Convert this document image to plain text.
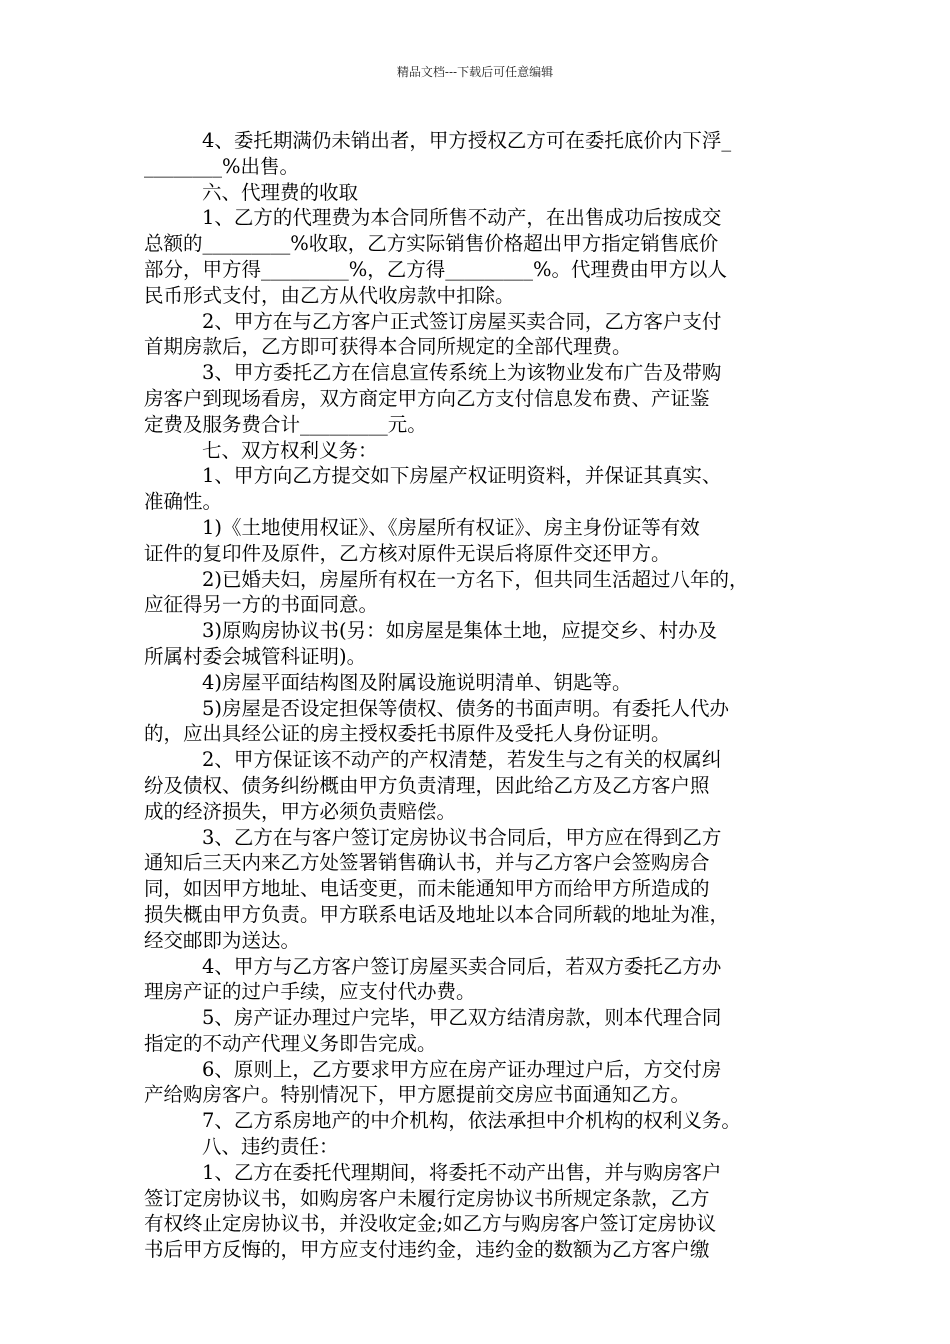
精品文档---下载后可任意编辑
4、委托期满仍未销出者，甲方授权乙方可在委托底价内下浮_
________%出售。
六、代理费的收取
1、乙方的代理费为本合同所售不动产，在出售成功后按成交
总额的_________%收取，乙方实际销售价格超出甲方指定销售底价
部分，甲方得_________%，乙方得_________%。代理费由甲方以人
民币形式支付，由乙方从代收房款中扣除。
2、甲方在与乙方客户正式签订房屋买卖合同，乙方客户支付
首期房款后，乙方即可获得本合同所规定的全部代理费。
3、甲方委托乙方在信息宣传系统上为该物业发布广告及带购
房客户到现场看房，双方商定甲方向乙方支付信息发布费、产证鉴
定费及服务费合计_________元。
七、双方权利义务：
1、甲方向乙方提交如下房屋产权证明资料，并保证其真实、
准确性。
1)《土地使用权证》、《房屋所有权证》、房主身份证等有效
证件的复印件及原件，乙方核对原件无误后将原件交还甲方。
2)已婚夫妇，房屋所有权在一方名下，但共同生活超过八年的，
应征得另一方的书面同意。
3)原购房协议书(另：如房屋是集体土地，应提交乡、村办及
所属村委会城管科证明)。
4)房屋平面结构图及附属设施说明清单、钥匙等。
5)房屋是否设定担保等债权、债务的书面声明。有委托人代办
的，应出具经公证的房主授权委托书原件及受托人身份证明。
2、甲方保证该不动产的产权清楚，若发生与之有关的权属纠
纷及债权、债务纠纷概由甲方负责清理，因此给乙方及乙方客户照
成的经济损失，甲方必须负责赔偿。
3、乙方在与客户签订定房协议书合同后，甲方应在得到乙方
通知后三天内来乙方处签署销售确认书，并与乙方客户会签购房合
同，如因甲方地址、电话变更，而未能通知甲方而给甲方所造成的
损失概由甲方负责。甲方联系电话及地址以本合同所载的地址为准，
经交邮即为送达。
4、甲方与乙方客户签订房屋买卖合同后，若双方委托乙方办
理房产证的过户手续，应支付代办费。
5、房产证办理过户完毕，甲乙双方结清房款，则本代理合同
指定的不动产代理义务即告完成。
6、原则上，乙方要求甲方应在房产证办理过户后，方交付房
产给购房客户。特别情况下，甲方愿提前交房应书面通知乙方。
7、乙方系房地产的中介机构，依法承担中介机构的权利义务。
八、违约责任：
1、乙方在委托代理期间，将委托不动产出售，并与购房客户
签订定房协议书，如购房客户未履行定房协议书所规定条款，乙方
有权终止定房协议书，并没收定金;如乙方与购房客户签订定房协议
书后甲方反悔的，甲方应支付违约金，违约金的数额为乙方客户缴
